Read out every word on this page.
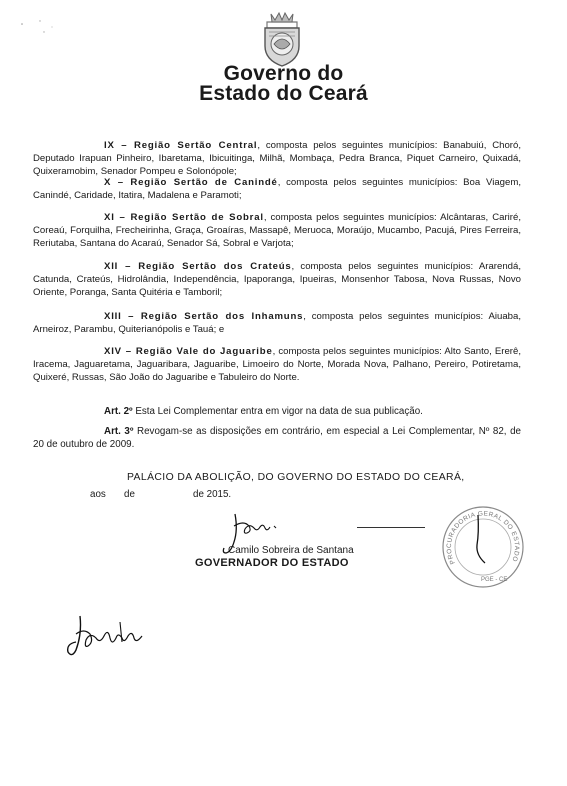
Governo do
Estado do Ceará
IX – Região Sertão Central, composta pelos seguintes municípios: Banabuiú, Choró, Deputado Irapuan Pinheiro, Ibaretama, Ibicuitinga, Milhã, Mombaça, Pedra Branca, Piquet Carneiro, Quixadá, Quixeramobim, Senador Pompeu e Solonópole;
X – Região Sertão de Canindé, composta pelos seguintes municípios: Boa Viagem, Canindé, Caridade, Itatira, Madalena e Paramoti;
XI – Região Sertão de Sobral, composta pelos seguintes municípios: Alcântaras, Cariré, Coreaú, Forquilha, Frecheirinha, Graça, Groaíras, Massapê, Meruoca, Moraújo, Mucambo, Pacujá, Pires Ferreira, Reriutaba, Santana do Acaraú, Senador Sá, Sobral e Varjota;
XII – Região Sertão dos Crateús, composta pelos seguintes municípios: Ararendá, Catunda, Crateús, Hidrolândia, Independência, Ipaporanga, Ipueiras, Monsenhor Tabosa, Nova Russas, Novo Oriente, Poranga, Santa Quitéria e Tamboril;
XIII – Região Sertão dos Inhamuns, composta pelos seguintes municípios: Aiuaba, Arneiroz, Parambu, Quiterianópolis e Tauá; e
XIV – Região Vale do Jaguaribe, composta pelos seguintes municípios: Alto Santo, Ererê, Iracema, Jaguaretama, Jaguaribara, Jaguaribe, Limoeiro do Norte, Morada Nova, Palhano, Pereiro, Potiretama, Quixeré, Russas, São João do Jaguaribe e Tabuleiro do Norte.
Art. 2º Esta Lei Complementar entra em vigor na data de sua publicação.
Art. 3º Revogam-se as disposições em contrário, em especial a Lei Complementar, Nº 82, de 20 de outubro de 2009.
PALÁCIO DA ABOLIÇÃO, DO GOVERNO DO ESTADO DO CEARÁ,
aos de	de 2015.
Camilo Sobreira de Santana
GOVERNADOR DO ESTADO	PROCURADORIA GERAL DO ESTADO
PGE - CE
